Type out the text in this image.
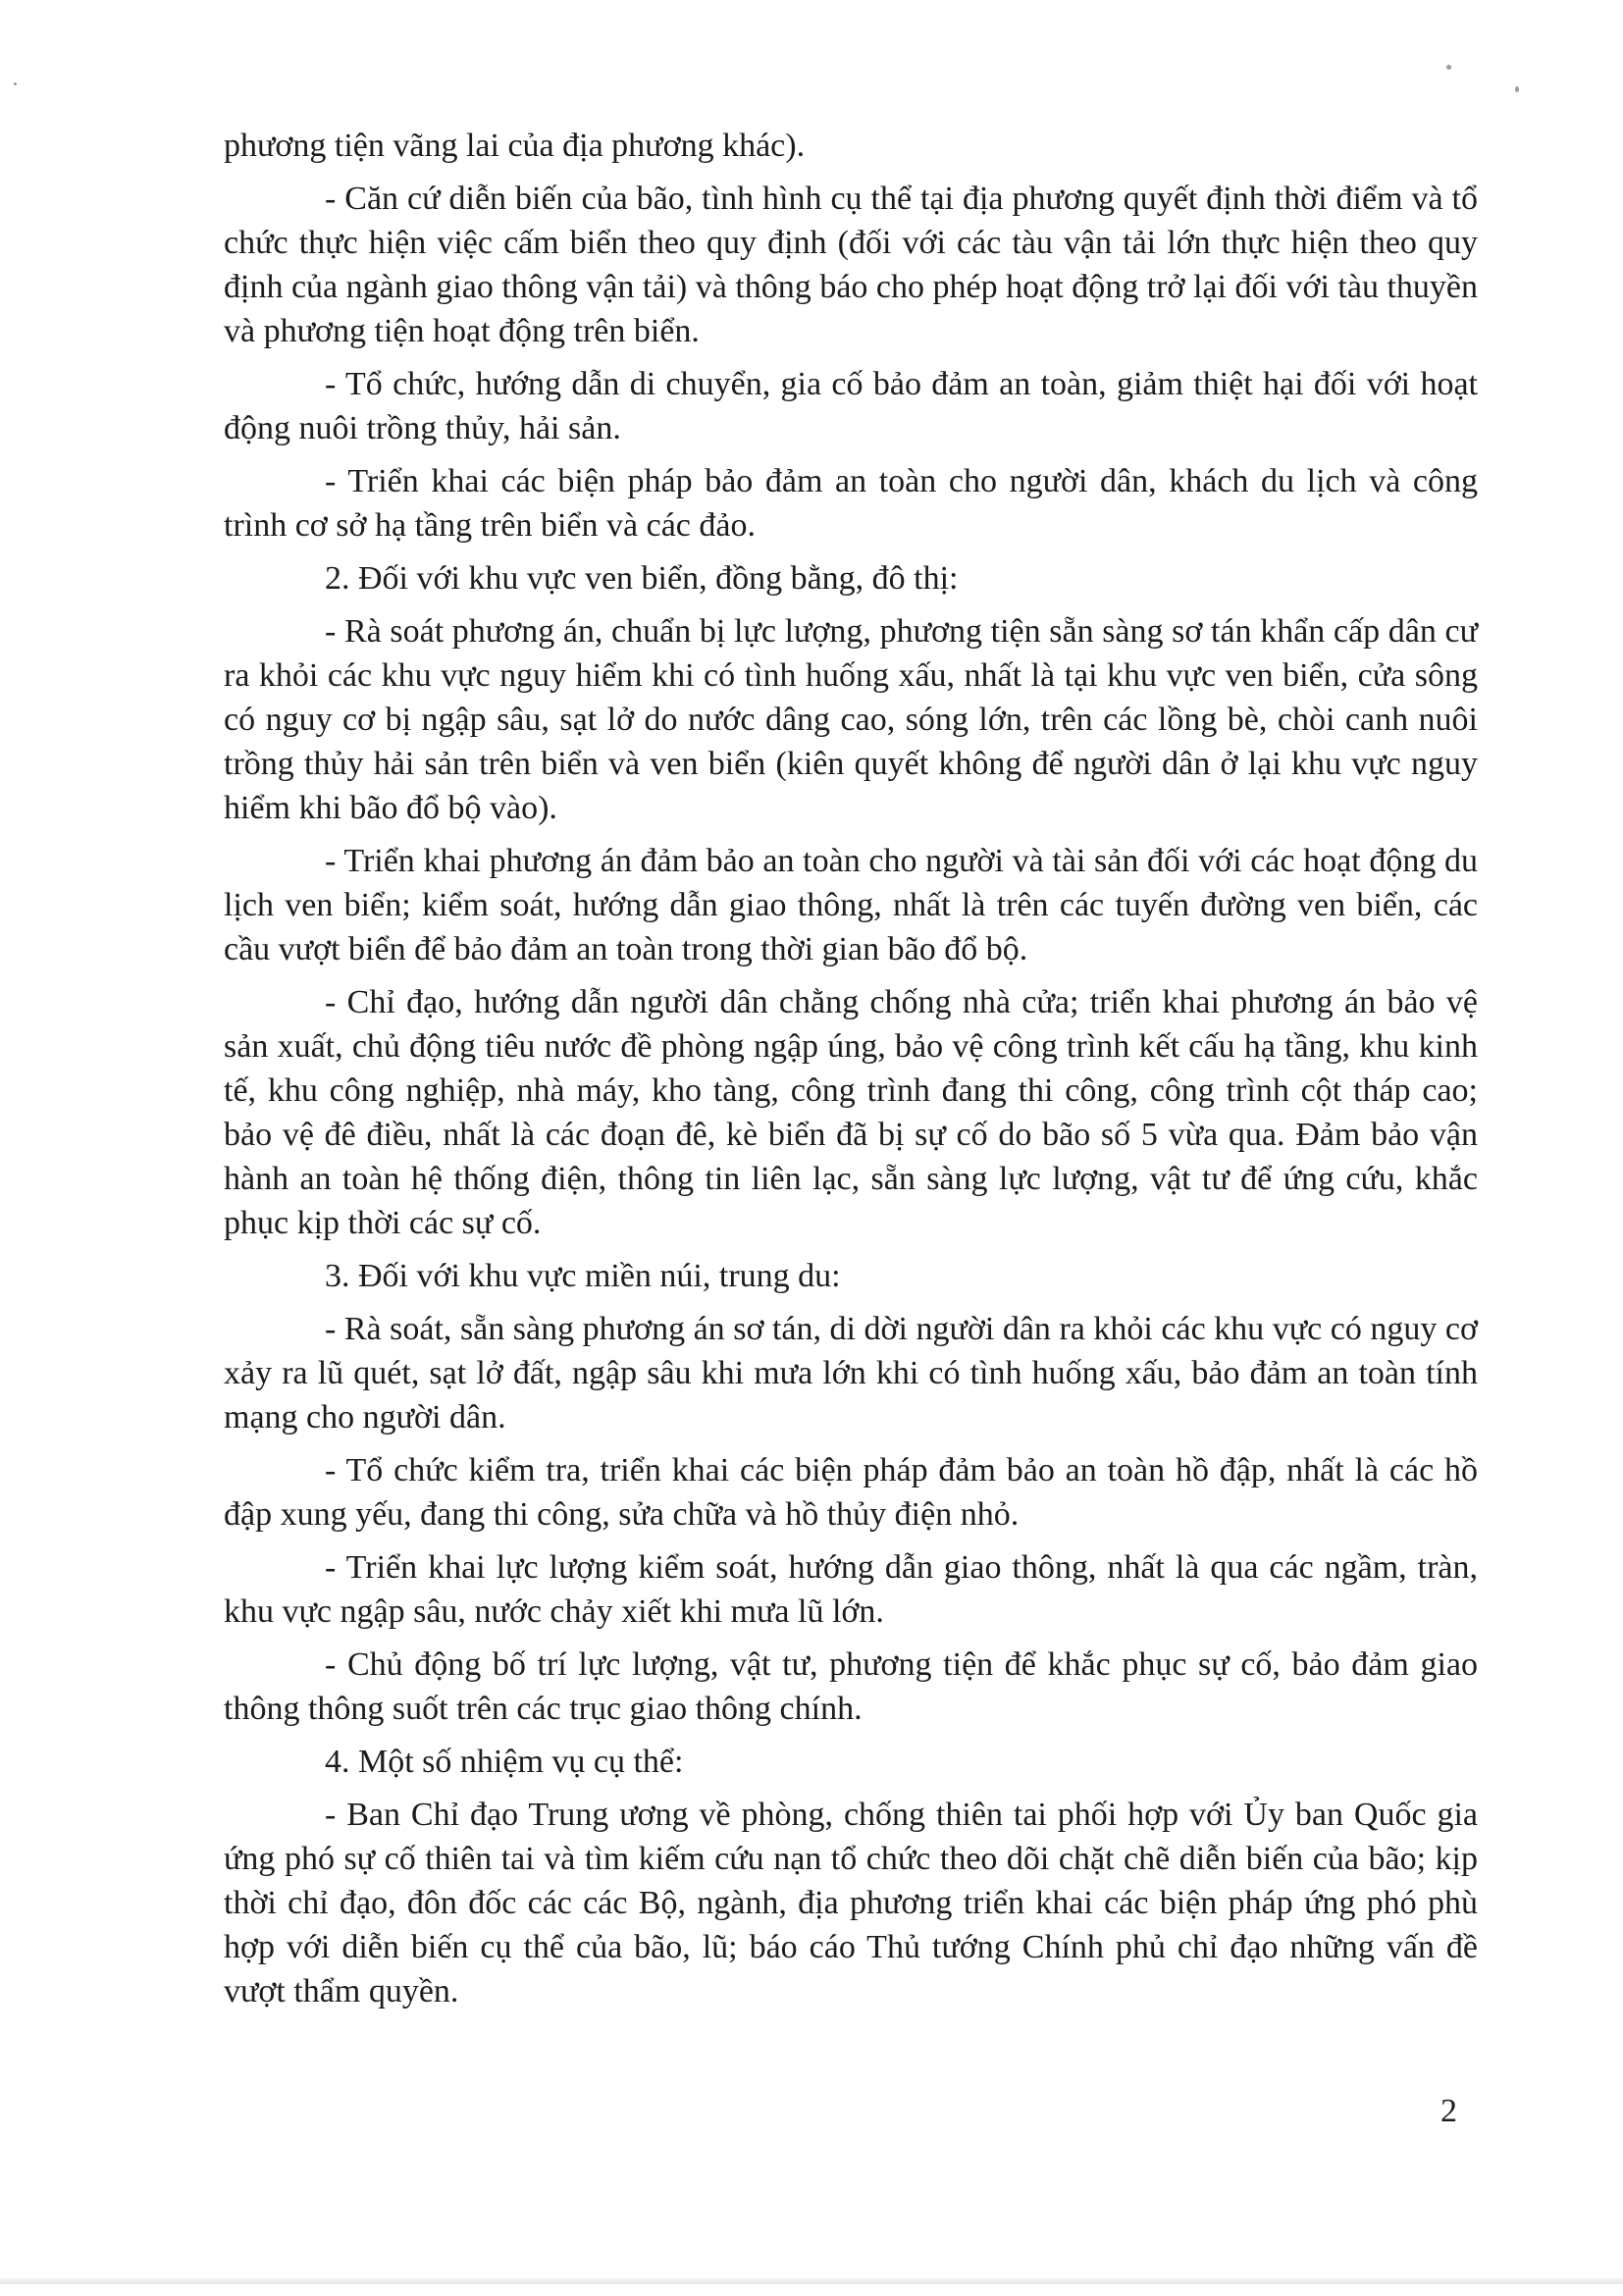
phương tiện vãng lai của địa phương khác).

- Căn cứ diễn biến của bão, tình hình cụ thể tại địa phương quyết định thời điểm và tổ chức thực hiện việc cấm biển theo quy định (đối với các tàu vận tải lớn thực hiện theo quy định của ngành giao thông vận tải) và thông báo cho phép hoạt động trở lại đối với tàu thuyền và phương tiện hoạt động trên biển.

- Tổ chức, hướng dẫn di chuyển, gia cố bảo đảm an toàn, giảm thiệt hại đối với hoạt động nuôi trồng thủy, hải sản.

- Triển khai các biện pháp bảo đảm an toàn cho người dân, khách du lịch và công trình cơ sở hạ tầng trên biển và các đảo.

2. Đối với khu vực ven biển, đồng bằng, đô thị:

- Rà soát phương án, chuẩn bị lực lượng, phương tiện sẵn sàng sơ tán khẩn cấp dân cư ra khỏi các khu vực nguy hiểm khi có tình huống xấu, nhất là tại khu vực ven biển, cửa sông có nguy cơ bị ngập sâu, sạt lở do nước dâng cao, sóng lớn, trên các lồng bè, chòi canh nuôi trồng thủy hải sản trên biển và ven biển (kiên quyết không để người dân ở lại khu vực nguy hiểm khi bão đổ bộ vào).

- Triển khai phương án đảm bảo an toàn cho người và tài sản đối với các hoạt động du lịch ven biển; kiểm soát, hướng dẫn giao thông, nhất là trên các tuyến đường ven biển, các cầu vượt biển để bảo đảm an toàn trong thời gian bão đổ bộ.

- Chỉ đạo, hướng dẫn người dân chằng chống nhà cửa; triển khai phương án bảo vệ sản xuất, chủ động tiêu nước đề phòng ngập úng, bảo vệ công trình kết cấu hạ tầng, khu kinh tế, khu công nghiệp, nhà máy, kho tàng, công trình đang thi công, công trình cột tháp cao; bảo vệ đê điều, nhất là các đoạn đê, kè biển đã bị sự cố do bão số 5 vừa qua. Đảm bảo vận hành an toàn hệ thống điện, thông tin liên lạc, sẵn sàng lực lượng, vật tư để ứng cứu, khắc phục kịp thời các sự cố.

3. Đối với khu vực miền núi, trung du:

- Rà soát, sẵn sàng phương án sơ tán, di dời người dân ra khỏi các khu vực có nguy cơ xảy ra lũ quét, sạt lở đất, ngập sâu khi mưa lớn khi có tình huống xấu, bảo đảm an toàn tính mạng cho người dân.

- Tổ chức kiểm tra, triển khai các biện pháp đảm bảo an toàn hồ đập, nhất là các hồ đập xung yếu, đang thi công, sửa chữa và hồ thủy điện nhỏ.

- Triển khai lực lượng kiểm soát, hướng dẫn giao thông, nhất là qua các ngầm, tràn, khu vực ngập sâu, nước chảy xiết khi mưa lũ lớn.

- Chủ động bố trí lực lượng, vật tư, phương tiện để khắc phục sự cố, bảo đảm giao thông thông suốt trên các trục giao thông chính.

4. Một số nhiệm vụ cụ thể:

- Ban Chỉ đạo Trung ương về phòng, chống thiên tai phối hợp với Ủy ban Quốc gia ứng phó sự cố thiên tai và tìm kiếm cứu nạn tổ chức theo dõi chặt chẽ diễn biến của bão; kịp thời chỉ đạo, đôn đốc các các Bộ, ngành, địa phương triển khai các biện pháp ứng phó phù hợp với diễn biến cụ thể của bão, lũ; báo cáo Thủ tướng Chính phủ chỉ đạo những vấn đề vượt thẩm quyền.

2
